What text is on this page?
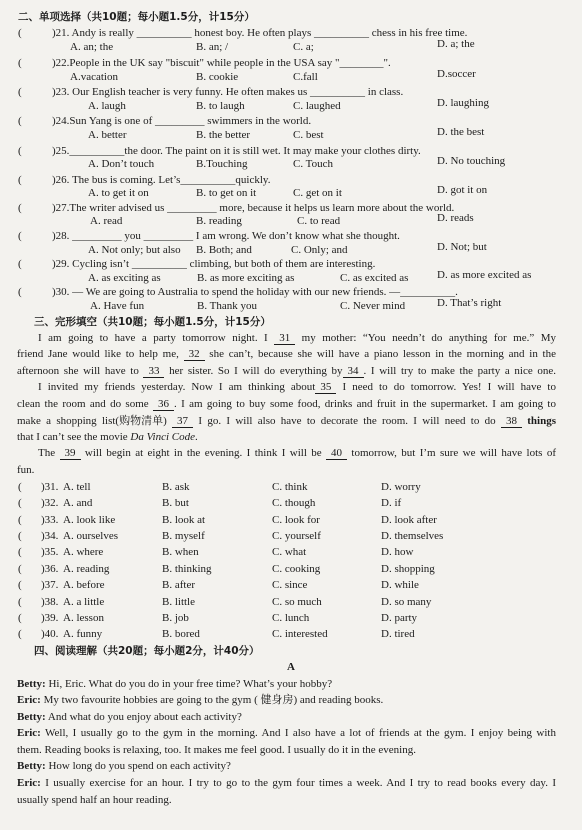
二、单项选择（共10题；每小题1.5分，计15分）
(	)21. Andy is really __________ honest boy. He often plays __________ chess in his free time.
A. an; the	B. an; /	C. a;	D. a; the
(	)22.People in the UK say "biscuit" while people in the USA say "________".
A.vacation	B. cookie	C.fall	D.soccer
(	)23. Our English teacher is very funny. He often makes us __________ in class.
A. laugh	B. to laugh	C. laughed	D. laughing
(	)24.Sun Yang is one of _________ swimmers in the world.
A. better	B. the better	C. best	D. the best
(	)25.__________the door. The paint on it is still wet. It may make your clothes dirty.
A. Don’t touch	B.Touching	C. Touch	D. No touching
(	)26. The bus is coming. Let’s__________quickly.
A. to get it on	B. to get on it	C. get on it	D. got it on
(	)27.The writer advised us _________ more, because it helps us learn more about the world.
A. read	B. reading	C. to read	D. reads
(	)28. _________ you _________ I am wrong. We don’t know what she thought.
A. Not only; but also B. Both; and	C. Only; and	D. Not; but
(	)29. Cycling isn’t __________ climbing, but both of them are interesting.
A. as exciting as	B. as more exciting as	C. as excited as	D. as more excited as
(	)30. — We are going to Australia to spend the holiday with our new friends. —__________.
A. Have fun	B. Thank you	C. Never mind	D. That’s right
三、完形填空（共10题；每小题1.5分，计15分）
I am going to have a party tomorrow night. I 31 my mother: “You needn’t do anything for me.” My
friend Jane would like to help me, 32 she can’t, because she will have a piano lesson in the morning and in the
afternoon she will have to 33 her sister. So I will do everything by 34 . I will try to make the party a nice one.
I invited my friends yesterday. Now I am thinking about 35 I need to do tomorrow. Yes! I will have to
clean the room and do some 36 . I am going to buy some food, drinks and fruit in the supermarket. I am going to
make a shopping list(购物清单) 37 I go. I will also have to decorate the room. I will need to do 38 things
that I can’t see the movie Da Vinci Code.
The 39 will begin at eight in the evening. I think I will be 40 tomorrow, but I’m sure we will have lots of
fun.
( )31. A. tell	B. ask	C. think	D. worry
( )32. A. and	B. but	C. though	D. if
( )33. A. look like	B. look at	C. look for	D. look after
( )34. A. ourselves	B. myself	C. yourself	D. themselves
( )35. A. where	B. when	C. what	D. how
( )36. A. reading	B. thinking	C. cooking	D. shopping
( )37. A. before	B. after	C. since	D. while
( )38. A. a little	B. little	C. so much	D. so many
( )39. A. lesson	B. job	C. lunch	D. party
( )40. A. funny	B. bored	C. interested	D. tired
四、阅读理解（共20题；每小题2分，计40分）
A
Betty: Hi, Eric. What do you do in your free time? What’s your hobby?
Eric: My two favourite hobbies are going to the gym ( 健身房) and reading books.
Betty: And what do you enjoy about each activity?
Eric: Well, I usually go to the gym in the morning. And I also have a lot of friends at the gym. I enjoy being with
them. Reading books is relaxing, too. It makes me feel good. I usually do it in the evening.
Betty: How long do you spend on each activity?
Eric: I usually exercise for an hour. I try to go to the gym four times a week. And I try to read books every day. I
usually spend half an hour reading.
